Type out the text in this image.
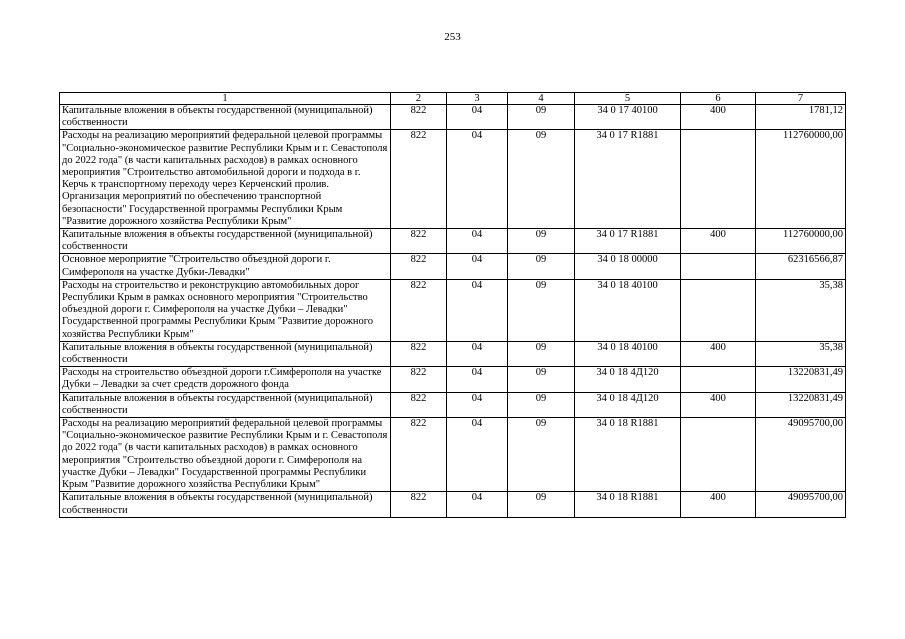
253
1	2	3	4	5	6	7
Капитальные вложения в объекты государственной (муниципальной) собственности	822	04	09	34 0 17 40100	400	1781,12
Расходы на реализацию мероприятий федеральной целевой программы "Социально-экономическое развитие Республики Крым и г. Севастополя до 2022 года" (в части капитальных расходов) в рамках основного мероприятия "Строительство автомобильной дороги и подхода в г. Керчь к транспортному переходу через Керченский пролив. Организация мероприятий по обеспечению транспортной безопасности" Государственной программы Республики Крым "Развитие дорожного хозяйства Республики Крым"	822	04	09	34 0 17 R1881		112760000,00
Капитальные вложения в объекты государственной (муниципальной) собственности	822	04	09	34 0 17 R1881	400	112760000,00
Основное мероприятие "Строительство объездной дороги г. Симферополя на участке Дубки-Левадки"	822	04	09	34 0 18 00000		62316566,87
Расходы на строительство и реконструкцию автомобильных дорог Республики Крым в рамках основного мероприятия "Строительство объездной дороги г. Симферополя на участке Дубки – Левадки" Государственной программы Республики Крым "Развитие дорожного хозяйства Республики Крым"	822	04	09	34 0 18 40100		35,38
Капитальные вложения в объекты государственной (муниципальной) собственности	822	04	09	34 0 18 40100	400	35,38
Расходы на строительство объездной дороги г.Симферополя на участке Дубки – Левадки за счет средств дорожного фонда	822	04	09	34 0 18 4Д120		13220831,49
Капитальные вложения в объекты государственной (муниципальной) собственности	822	04	09	34 0 18 4Д120	400	13220831,49
Расходы на реализацию мероприятий федеральной целевой программы "Социально-экономическое развитие Республики Крым и г. Севастополя до 2022 года" (в части капитальных расходов) в рамках основного мероприятия "Строительство объездной дороги г. Симферополя на участке Дубки – Левадки" Государственной программы Республики Крым "Развитие дорожного хозяйства Республики Крым"	822	04	09	34 0 18 R1881		49095700,00
Капитальные вложения в объекты государственной (муниципальной) собственности	822	04	09	34 0 18 R1881	400	49095700,00
